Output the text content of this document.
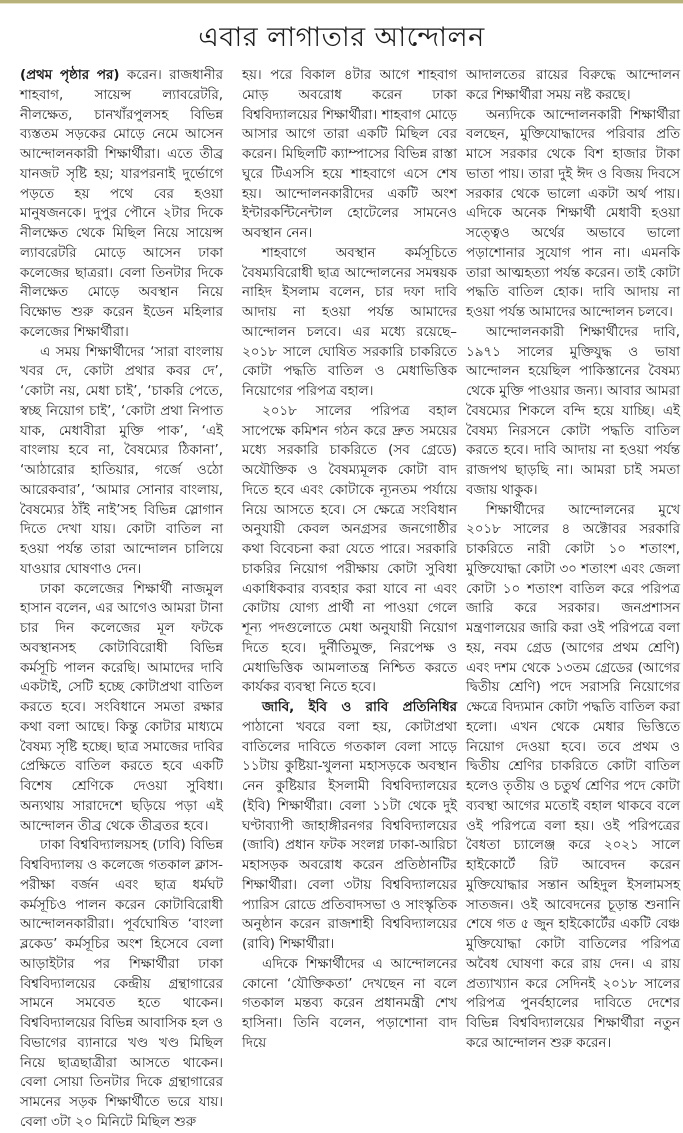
এবার লাগাতার আন্দোলন

(প্রথম পৃষ্ঠার পর) করেন। রাজধানীর শাহবাগ, সায়েন্স ল্যাবরেটরি, নীলক্ষেত, চানখাঁরপুলসহ বিভিন্ন ব্যস্ততম সড়কের মোড়ে নেমে আসেন আন্দোলনকারী শিক্ষার্থীরা। এতে তীব্র যানজট সৃষ্টি হয়; যারপরনাই দুর্ভোগে পড়তে হয় পথে বের হওয়া মানুষজনকে। দুপুর পৌনে ২টার দিকে নীলক্ষেত থেকে মিছিল নিয়ে সায়েন্স ল্যাবরেটরি মোড়ে আসেন ঢাকা কলেজের ছাত্ররা। বেলা তিনটার দিকে নীলক্ষেত মোড়ে অবস্থান নিয়ে বিক্ষোভ শুরু করেন ইডেন মহিলার কলেজের শিক্ষার্থীরা।

এ সময় শিক্ষার্থীদের ‘সারা বাংলায় খবর দে, কোটা প্রথার কবর দে’, ‘কোটা নয়, মেধা চাই’, ‘চাকরি পেতে, স্বচ্ছ নিয়োগ চাই’, ‘কোটা প্রথা নিপাত যাক, মেধাবীরা মুক্তি পাক’, ‘এই বাংলায় হবে না, বৈষম্যের ঠিকানা’, ‘আঠারোর হাতিয়ার, গর্জে ওঠো আরেকবার’, ‘আমার সোনার বাংলায়, বৈষম্যের ঠাঁই নাই’সহ বিভিন্ন স্লোগান দিতে দেখা যায়। কোটা বাতিল না হওয়া পর্যন্ত তারা আন্দোলন চালিয়ে যাওয়ার ঘোষণাও দেন।

ঢাকা কলেজের শিক্ষার্থী নাজমুল হাসান বলেন, এর আগেও আমরা টানা চার দিন কলেজের মূল ফটকে অবস্থানসহ কোটাবিরোধী বিভিন্ন কর্মসূচি পালন করেছি। আমাদের দাবি একটাই, সেটি হচ্ছে কোটাপ্রথা বাতিল করতে হবে। সংবিধানে সমতা রক্ষার কথা বলা আছে। কিন্তু কোটার মাধ্যমে বৈষম্য সৃষ্টি হচ্ছে। ছাত্র সমাজের দাবির প্রেক্ষিতে বাতিল করতে হবে একটি বিশেষ শ্রেণিকে দেওয়া সুবিধা। অন্যথায় সারাদেশে ছড়িয়ে পড়া এই আন্দোলন তীব্র থেকে তীব্রতর হবে।

ঢাকা বিশ্ববিদ্যালয়সহ (ঢাবি) বিভিন্ন বিশ্ববিদ্যালয় ও কলেজে গতকাল ক্লাস-পরীক্ষা বর্জন এবং ছাত্র ধর্মঘট কর্মসূচিও পালন করেন কোটাবিরোধী আন্দোলনকারীরা। পূর্বঘোষিত ‘বাংলা ব্লকেড’ কর্মসূচির অংশ হিসেবে বেলা আড়াইটার পর শিক্ষার্থীরা ঢাকা বিশ্ববিদ্যালয়ের কেন্দ্রীয় গ্রন্থাগারের সামনে সমবেত হতে থাকেন। বিশ্ববিদ্যালয়ের বিভিন্ন আবাসিক হল ও বিভাগের ব্যানারে খণ্ড খণ্ড মিছিল নিয়ে ছাত্রছাত্রীরা আসতে থাকেন। বেলা সোয়া তিনটার দিকে গ্রন্থাগারের সামনের সড়ক শিক্ষার্থীতে ভরে যায়। বেলা ৩টা ২০ মিনিটে মিছিল শুরু

হয়। পরে বিকাল ৪টার আগে শাহবাগ মোড় অবরোধ করেন ঢাকা বিশ্ববিদ্যালয়ের শিক্ষার্থীরা। শাহবাগ মোড়ে আসার আগে তারা একটি মিছিল বের করেন। মিছিলটি ক্যাম্পাসের বিভিন্ন রাস্তা ঘুরে টিএসসি হয়ে শাহবাগে এসে শেষ হয়। আন্দোলনকারীদের একটি অংশ ইন্টারকন্টিনেন্টাল হোটেলের সামনেও অবস্থান নেন।

শাহবাগে অবস্থান কর্মসূচিতে বৈষম্যবিরোধী ছাত্র আন্দোলনের সমন্বয়ক নাহিদ ইসলাম বলেন, চার দফা দাবি আদায় না হওয়া পর্যন্ত আমাদের আন্দোলন চলবে। এর মধ্যে রয়েছে– ২০১৮ সালে ঘোষিত সরকারি চাকরিতে কোটা পদ্ধতি বাতিল ও মেধাভিত্তিক নিয়োগের পরিপত্র বহাল।

২০১৮ সালের পরিপত্র বহাল সাপেক্ষে কমিশন গঠন করে দ্রুত সময়ের মধ্যে সরকারি চাকরিতে (সব গ্রেডে) অযৌক্তিক ও বৈষম্যমূলক কোটা বাদ দিতে হবে এবং কোটাকে ন্যূনতম পর্যায়ে নিয়ে আসতে হবে। সে ক্ষেত্রে সংবিধান অনুযায়ী কেবল অনগ্রসর জনগোষ্ঠীর কথা বিবেচনা করা যেতে পারে। সরকারি চাকরির নিয়োগ পরীক্ষায় কোটা সুবিধা একাধিকবার ব্যবহার করা যাবে না এবং কোটায় যোগ্য প্রার্থী না পাওয়া গেলে শূন্য পদগুলোতে মেধা অনুযায়ী নিয়োগ দিতে হবে। দুর্নীতিমুক্ত, নিরপেক্ষ ও মেধাভিত্তিক আমলাতন্ত্র নিশ্চিত করতে কার্যকর ব্যবস্থা নিতে হবে।

জাবি, ইবি ও রাবি প্রতিনিধির পাঠানো খবরে বলা হয়, কোটাপ্রথা বাতিলের দাবিতে গতকাল বেলা সাড়ে ১১টায় কুষ্টিয়া-খুলনা মহাসড়কে অবস্থান নেন কুষ্টিয়ার ইসলামী বিশ্ববিদ্যালয়ের (ইবি) শিক্ষার্থীরা। বেলা ১১টা থেকে দুই ঘণ্টাব্যাপী জাহাঙ্গীরনগর বিশ্ববিদ্যালয়ের (জাবি) প্রধান ফটক সংলগ্ন ঢাকা-আরিচা মহাসড়ক অবরোধ করেন প্রতিষ্ঠানটির শিক্ষার্থীরা। বেলা ৩টায় বিশ্ববিদ্যালয়ের প্যারিস রোডে প্রতিবাদসভা ও সাংস্কৃতিক অনুষ্ঠান করেন রাজশাহী বিশ্ববিদ্যালয়ের (রাবি) শিক্ষার্থীরা।

এদিকে শিক্ষার্থীদের এ আন্দোলনের কোনো ‘যৌক্তিকতা’ দেখছেন না বলে গতকাল মন্তব্য করেন প্রধানমন্ত্রী শেখ হাসিনা। তিনি বলেন, পড়াশোনা বাদ দিয়ে

আদালতের রায়ের বিরুদ্ধে আন্দোলন করে শিক্ষার্থীরা সময় নষ্ট করছে।

অন্যদিকে আন্দোলনকারী শিক্ষার্থীরা বলছেন, মুক্তিযোদ্ধাদের পরিবার প্রতি মাসে সরকার থেকে বিশ হাজার টাকা ভাতা পায়। তারা দুই ঈদ ও বিজয় দিবসে সরকার থেকে ভালো একটা অর্থ পায়। এদিকে অনেক শিক্ষার্থী মেধাবী হওয়া সত্ত্বেও অর্থের অভাবে ভালো পড়াশোনার সুযোগ পান না। এমনকি তারা আত্মহত্যা পর্যন্ত করেন। তাই কোটা পদ্ধতি বাতিল হোক। দাবি আদায় না হওয়া পর্যন্ত আমাদের আন্দোলন চলবে।

আন্দোলনকারী শিক্ষার্থীদের দাবি, ১৯৭১ সালের মুক্তিযুদ্ধ ও ভাষা আন্দোলন হয়েছিল পাকিস্তানের বৈষম্য থেকে মুক্তি পাওয়ার জন্য। আবার আমরা বৈষম্যের শিকলে বন্দি হয়ে যাচ্ছি। এই বৈষম্য নিরসনে কোটা পদ্ধতি বাতিল করতে হবে। দাবি আদায় না হওয়া পর্যন্ত রাজপথ ছাড়ছি না। আমরা চাই সমতা বজায় থাকুক।

শিক্ষার্থীদের আন্দোলনের মুখে ২০১৮ সালের ৪ অক্টোবর সরকারি চাকরিতে নারী কোটা ১০ শতাংশ, মুক্তিযোদ্ধা কোটা ৩০ শতাংশ এবং জেলা কোটা ১০ শতাংশ বাতিল করে পরিপত্র জারি করে সরকার। জনপ্রশাসন মন্ত্রণালয়ের জারি করা ওই পরিপত্রে বলা হয়, নবম গ্রেড (আগের প্রথম শ্রেণি) এবং দশম থেকে ১৩তম গ্রেডের (আগের দ্বিতীয় শ্রেণি) পদে সরাসরি নিয়োগের ক্ষেত্রে বিদ্যমান কোটা পদ্ধতি বাতিল করা হলো। এখন থেকে মেধার ভিত্তিতে নিয়োগ দেওয়া হবে। তবে প্রথম ও দ্বিতীয় শ্রেণির চাকরিতে কোটা বাতিল হলেও তৃতীয় ও চতুর্থ শ্রেণির পদে কোটা ব্যবস্থা আগের মতোই বহাল থাকবে বলে ওই পরিপত্রে বলা হয়। ওই পরিপত্রের বৈধতা চ্যালেঞ্জ করে ২০২১ সালে হাইকোর্টে রিট আবেদন করেন মুক্তিযোদ্ধার সন্তান অহিদুল ইসলামসহ সাতজন। ওই আবেদনের চূড়ান্ত শুনানি শেষে গত ৫ জুন হাইকোর্টের একটি বেঞ্চ মুক্তিযোদ্ধা কোটা বাতিলের পরিপত্র অবৈধ ঘোষণা করে রায় দেন। এ রায় প্রত্যাখ্যান করে সেদিনই ২০১৮ সালের পরিপত্র পুনর্বহালের দাবিতে দেশের বিভিন্ন বিশ্ববিদ্যালয়ের শিক্ষার্থীরা নতুন করে আন্দোলন শুরু করেন।
